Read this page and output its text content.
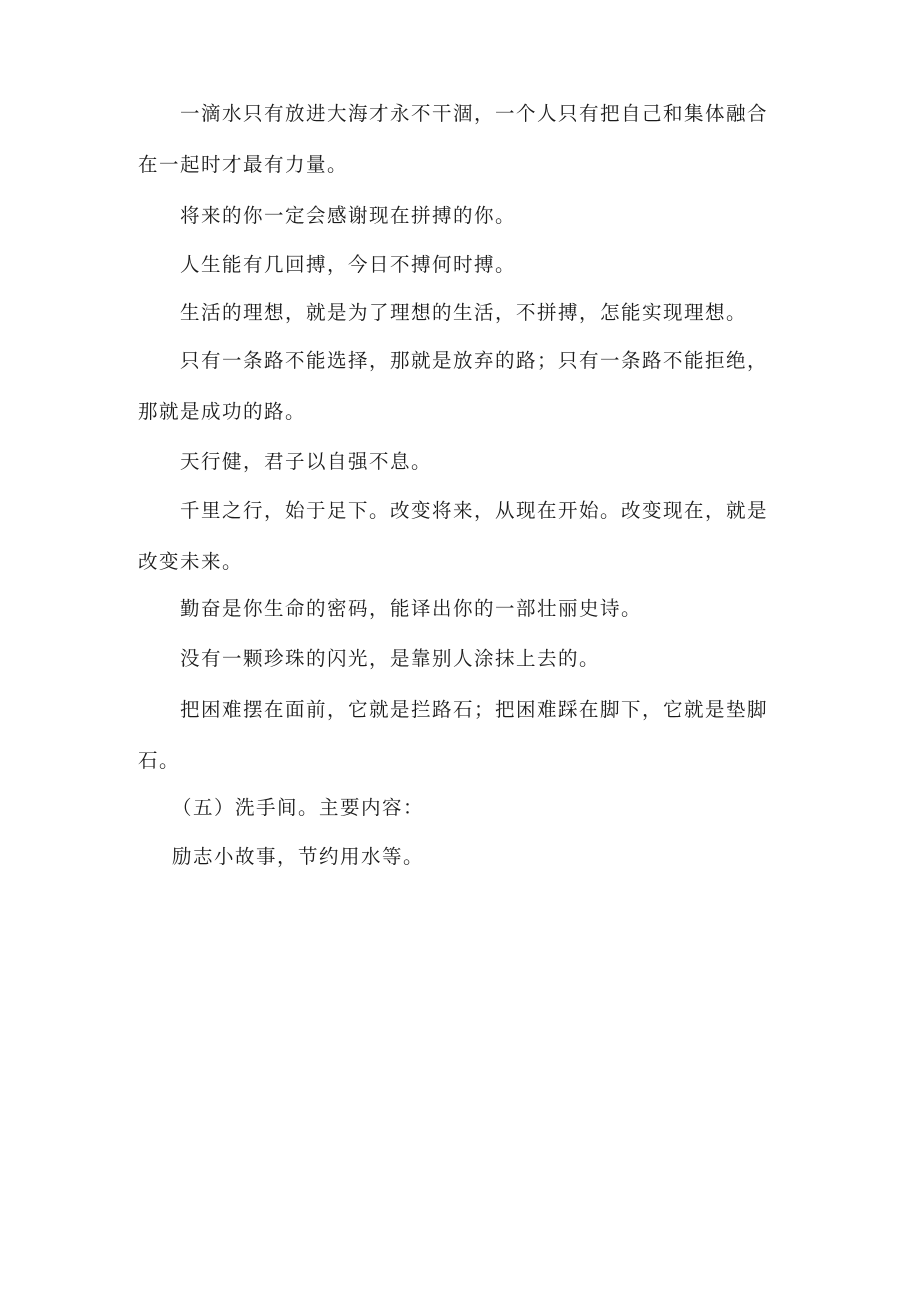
一滴水只有放进大海才永不干涸，一个人只有把自己和集体融合在一起时才最有力量。

将来的你一定会感谢现在拼搏的你。

人生能有几回搏，今日不搏何时搏。

生活的理想，就是为了理想的生活，不拼搏，怎能实现理想。

只有一条路不能选择，那就是放弃的路；只有一条路不能拒绝，那就是成功的路。

天行健，君子以自强不息。

千里之行，始于足下。改变将来，从现在开始。改变现在，就是改变未来。

勤奋是你生命的密码，能译出你的一部壮丽史诗。

没有一颗珍珠的闪光，是靠别人涂抹上去的。

把困难摆在面前，它就是拦路石；把困难踩在脚下，它就是垫脚石。

（五）洗手间。主要内容：

励志小故事，节约用水等。
